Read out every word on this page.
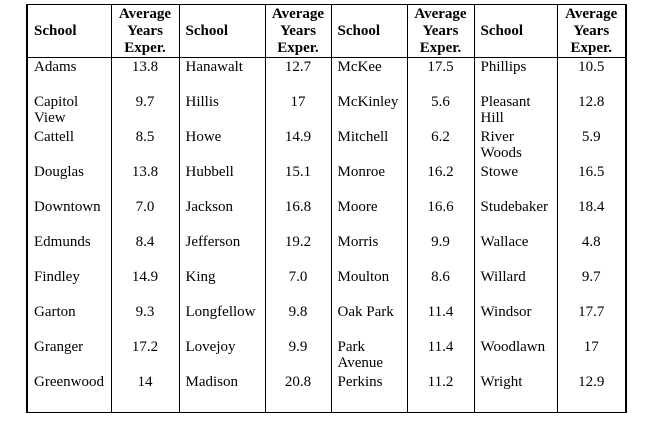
School	Average
Years
Exper.	School	Average
Years
Exper.	School	Average
Years
Exper.	School	Average
Years
Exper.
Adams	13.8	Hanawalt	12.7	McKee	17.5	Phillips	10.5
Capitol View	9.7	Hillis	17	McKinley	5.6	Pleasant Hill	12.8
Cattell	8.5	Howe	14.9	Mitchell	6.2	River Woods	5.9
Douglas	13.8	Hubbell	15.1	Monroe	16.2	Stowe	16.5
Downtown	7.0	Jackson	16.8	Moore	16.6	Studebaker	18.4
Edmunds	8.4	Jefferson	19.2	Morris	9.9	Wallace	4.8
Findley	14.9	King	7.0	Moulton	8.6	Willard	9.7
Garton	9.3	Longfellow	9.8	Oak Park	11.4	Windsor	17.7
Granger	17.2	Lovejoy	9.9	Park Avenue	11.4	Woodlawn	17
Greenwood	14	Madison	20.8	Perkins	11.2	Wright	12.9
